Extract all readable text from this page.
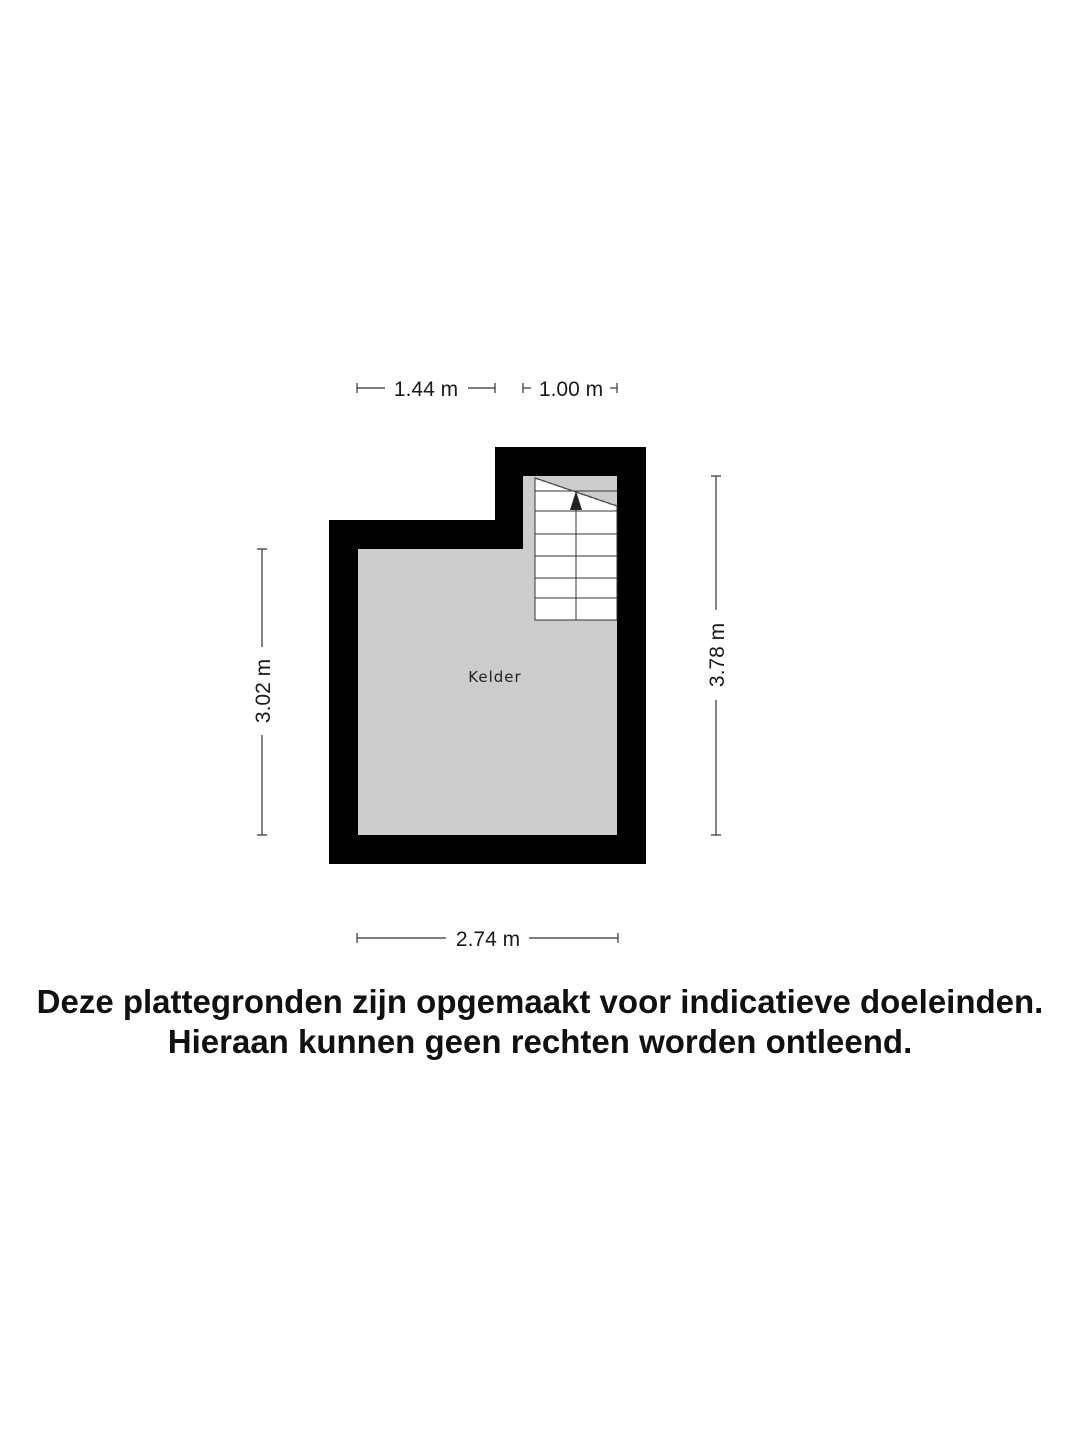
Kelder
1.44 m	1.00 m
3.02 m
3.78 m
2.74 m
Deze plattegronden zijn opgemaakt voor indicatieve doeleinden.
Hieraan kunnen geen rechten worden ontleend.
